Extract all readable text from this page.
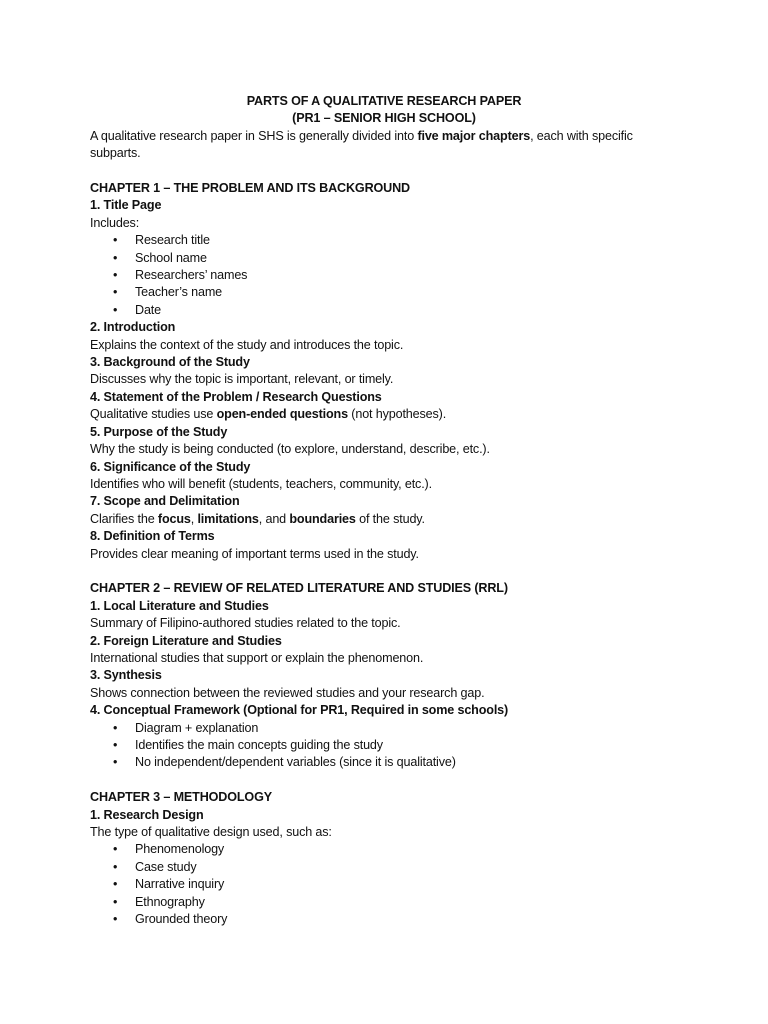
PARTS OF A QUALITATIVE RESEARCH PAPER

(PR1 – SENIOR HIGH SCHOOL)

A qualitative research paper in SHS is generally divided into five major chapters, each with specific subparts.

CHAPTER 1 – THE PROBLEM AND ITS BACKGROUND

1. Title Page

Includes:

• Research title
• School name
• Researchers’ names
• Teacher’s name
• Date

2. Introduction

Explains the context of the study and introduces the topic.

3. Background of the Study

Discusses why the topic is important, relevant, or timely.

4. Statement of the Problem / Research Questions

Qualitative studies use open-ended questions (not hypotheses).

5. Purpose of the Study

Why the study is being conducted (to explore, understand, describe, etc.).

6. Significance of the Study

Identifies who will benefit (students, teachers, community, etc.).

7. Scope and Delimitation

Clarifies the focus, limitations, and boundaries of the study.

8. Definition of Terms

Provides clear meaning of important terms used in the study.

CHAPTER 2 – REVIEW OF RELATED LITERATURE AND STUDIES (RRL)

1. Local Literature and Studies

Summary of Filipino-authored studies related to the topic.

2. Foreign Literature and Studies

International studies that support or explain the phenomenon.

3. Synthesis

Shows connection between the reviewed studies and your research gap.

4. Conceptual Framework (Optional for PR1, Required in some schools)

• Diagram + explanation
• Identifies the main concepts guiding the study
• No independent/dependent variables (since it is qualitative)

CHAPTER 3 – METHODOLOGY

1. Research Design

The type of qualitative design used, such as:

• Phenomenology
• Case study
• Narrative inquiry
• Ethnography
• Grounded theory
